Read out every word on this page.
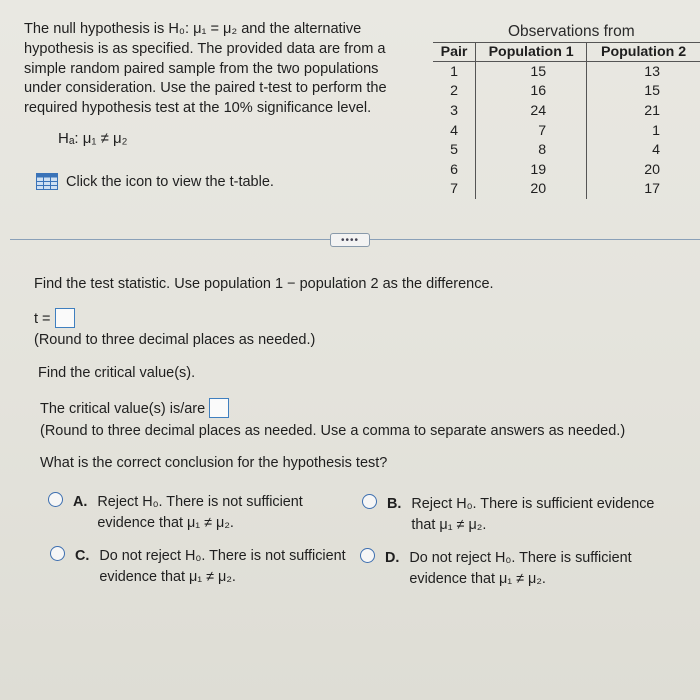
The null hypothesis is H₀: μ₁ = μ₂ and the alternative
hypothesis is as specified. The provided data are from a
simple random paired sample from the two populations
under consideration. Use the paired t-test to perform the
required hypothesis test at the 10% significance level.
Hₐ: μ₁ ≠ μ₂
Click the icon to view the t-table.
Observations from
Pair	Population 1	Population 2
1	15	13
2	16	15
3	24	21
4	7	1
5	8	4
6	19	20
7	20	17
••••
Find the test statistic. Use population 1 − population 2 as the difference.
t =
(Round to three decimal places as needed.)
Find the critical value(s).
The critical value(s) is/are
(Round to three decimal places as needed. Use a comma to separate answers as needed.)
What is the correct conclusion for the hypothesis test?
A. Reject H₀. There is not sufficient
evidence that μ₁ ≠ μ₂.
B. Reject H₀. There is sufficient evidence
that μ₁ ≠ μ₂.
C. Do not reject H₀. There is not sufficient
evidence that μ₁ ≠ μ₂.
D. Do not reject H₀. There is sufficient
evidence that μ₁ ≠ μ₂.
